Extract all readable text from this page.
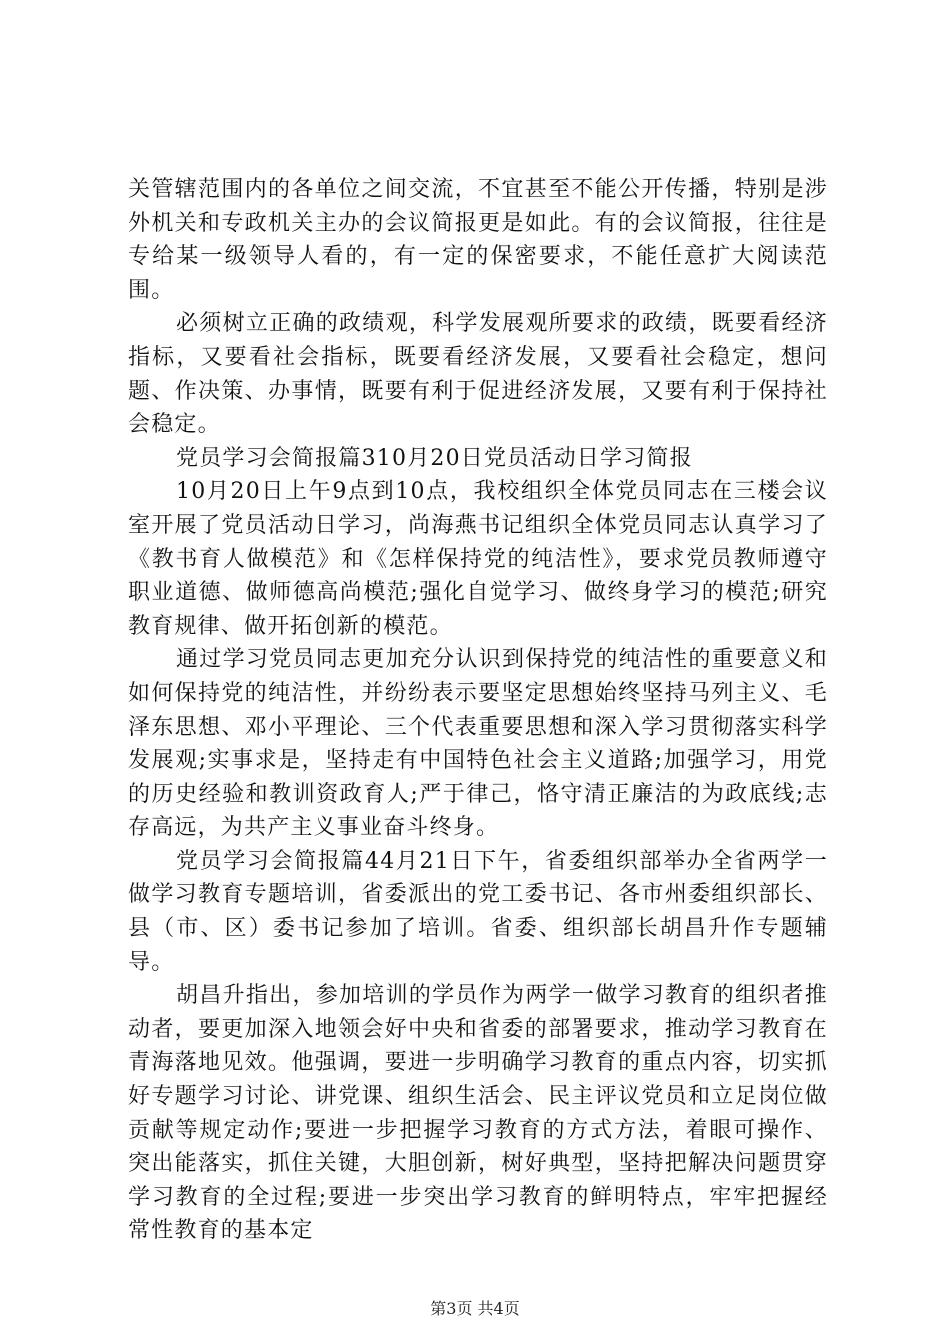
关管辖范围内的各单位之间交流，不宜甚至不能公开传播，特别是涉外机关和专政机关主办的会议简报更是如此。有的会议简报，往往是专给某一级领导人看的，有一定的保密要求，不能任意扩大阅读范围。

必须树立正确的政绩观，科学发展观所要求的政绩，既要看经济指标，又要看社会指标，既要看经济发展，又要看社会稳定，想问题、作决策、办事情，既要有利于促进经济发展，又要有利于保持社会稳定。

党员学习会简报篇310月20日党员活动日学习简报

10月20日上午9点到10点，我校组织全体党员同志在三楼会议室开展了党员活动日学习，尚海燕书记组织全体党员同志认真学习了《教书育人做模范》和《怎样保持党的纯洁性》，要求党员教师遵守职业道德、做师德高尚模范;强化自觉学习、做终身学习的模范;研究教育规律、做开拓创新的模范。

通过学习党员同志更加充分认识到保持党的纯洁性的重要意义和如何保持党的纯洁性，并纷纷表示要坚定思想始终坚持马列主义、毛泽东思想、邓小平理论、三个代表重要思想和深入学习贯彻落实科学发展观;实事求是，坚持走有中国特色社会主义道路;加强学习，用党的历史经验和教训资政育人;严于律己，恪守清正廉洁的为政底线;志存高远，为共产主义事业奋斗终身。

党员学习会简报篇44月21日下午，省委组织部举办全省两学一做学习教育专题培训，省委派出的党工委书记、各市州委组织部长、县（市、区）委书记参加了培训。省委、组织部长胡昌升作专题辅导。

胡昌升指出，参加培训的学员作为两学一做学习教育的组织者推动者，要更加深入地领会好中央和省委的部署要求，推动学习教育在青海落地见效。他强调，要进一步明确学习教育的重点内容，切实抓好专题学习讨论、讲党课、组织生活会、民主评议党员和立足岗位做贡献等规定动作;要进一步把握学习教育的方式方法，着眼可操作、突出能落实，抓住关键，大胆创新，树好典型，坚持把解决问题贯穿学习教育的全过程;要进一步突出学习教育的鲜明特点，牢牢把握经常性教育的基本定

第3页 共4页
